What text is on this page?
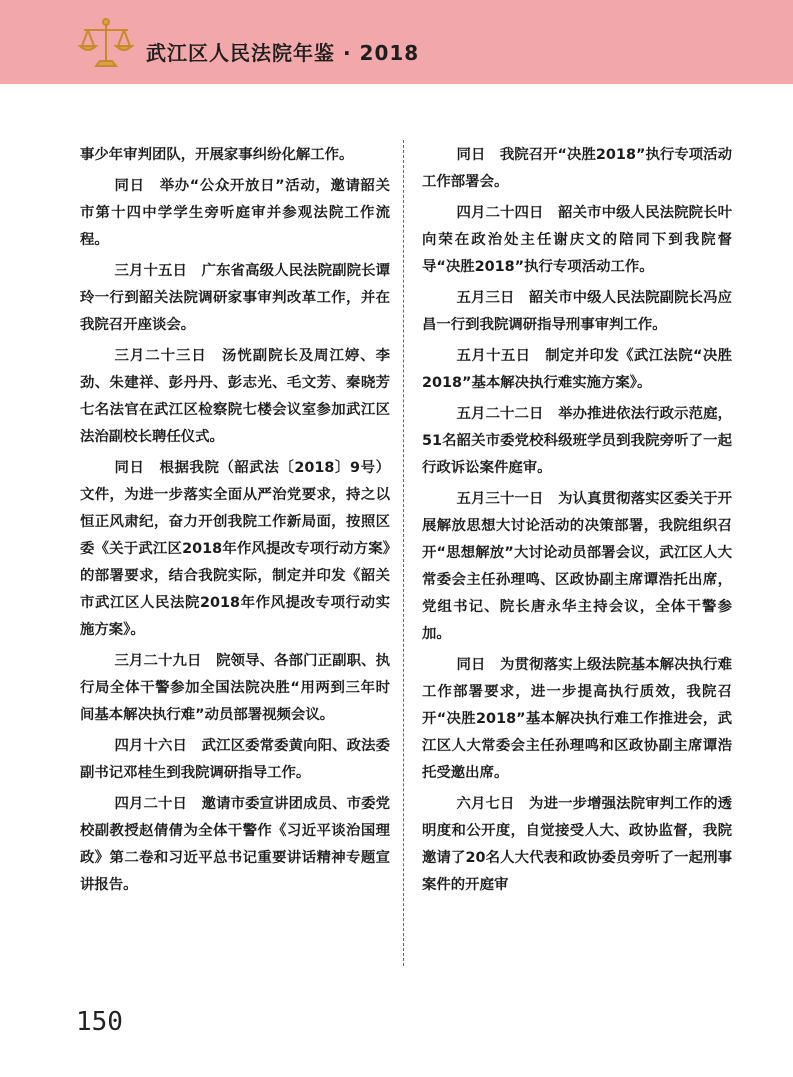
武江区人民法院年鉴 · 2018

事少年审判团队，开展家事纠纷化解工作。

同日　举办“公众开放日”活动，邀请韶关市第十四中学学生旁听庭审并参观法院工作流程。

三月十五日　广东省高级人民法院副院长谭玲一行到韶关法院调研家事审判改革工作，并在我院召开座谈会。

三月二十三日　汤恍副院长及周江婷、李劲、朱建祥、彭丹丹、彭志光、毛文芳、秦晓芳七名法官在武江区检察院七楼会议室参加武江区法治副校长聘任仪式。

同日　根据我院（韶武法〔2018〕9号）文件，为进一步落实全面从严治党要求，持之以恒正风肃纪，奋力开创我院工作新局面，按照区委《关于武江区2018年作风提改专项行动方案》的部署要求，结合我院实际，制定并印发《韶关市武江区人民法院2018年作风提改专项行动实施方案》。

三月二十九日　院领导、各部门正副职、执行局全体干警参加全国法院决胜“用两到三年时间基本解决执行难”动员部署视频会议。

四月十六日　武江区委常委黄向阳、政法委副书记邓桂生到我院调研指导工作。

四月二十日　邀请市委宣讲团成员、市委党校副教授赵倩倩为全体干警作《习近平谈治国理政》第二卷和习近平总书记重要讲话精神专题宣讲报告。

同日　我院召开“决胜2018”执行专项活动工作部署会。

四月二十四日　韶关市中级人民法院院长叶向荣在政治处主任谢庆文的陪同下到我院督导“决胜2018”执行专项活动工作。

五月三日　韶关市中级人民法院副院长冯应昌一行到我院调研指导刑事审判工作。

五月十五日　制定并印发《武江法院“决胜2018”基本解决执行难实施方案》。

五月二十二日　举办推进依法行政示范庭，51名韶关市委党校科级班学员到我院旁听了一起行政诉讼案件庭审。

五月三十一日　为认真贯彻落实区委关于开展解放思想大讨论活动的决策部署，我院组织召开“思想解放”大讨论动员部署会议，武江区人大常委会主任孙理鸣、区政协副主席谭浩托出席，党组书记、院长唐永华主持会议，全体干警参加。

同日　为贯彻落实上级法院基本解决执行难工作部署要求，进一步提高执行质效，我院召开“决胜2018”基本解决执行难工作推进会，武江区人大常委会主任孙理鸣和区政协副主席谭浩托受邀出席。

六月七日　为进一步增强法院审判工作的透明度和公开度，自觉接受人大、政协监督，我院邀请了20名人大代表和政协委员旁听了一起刑事案件的开庭审

150
